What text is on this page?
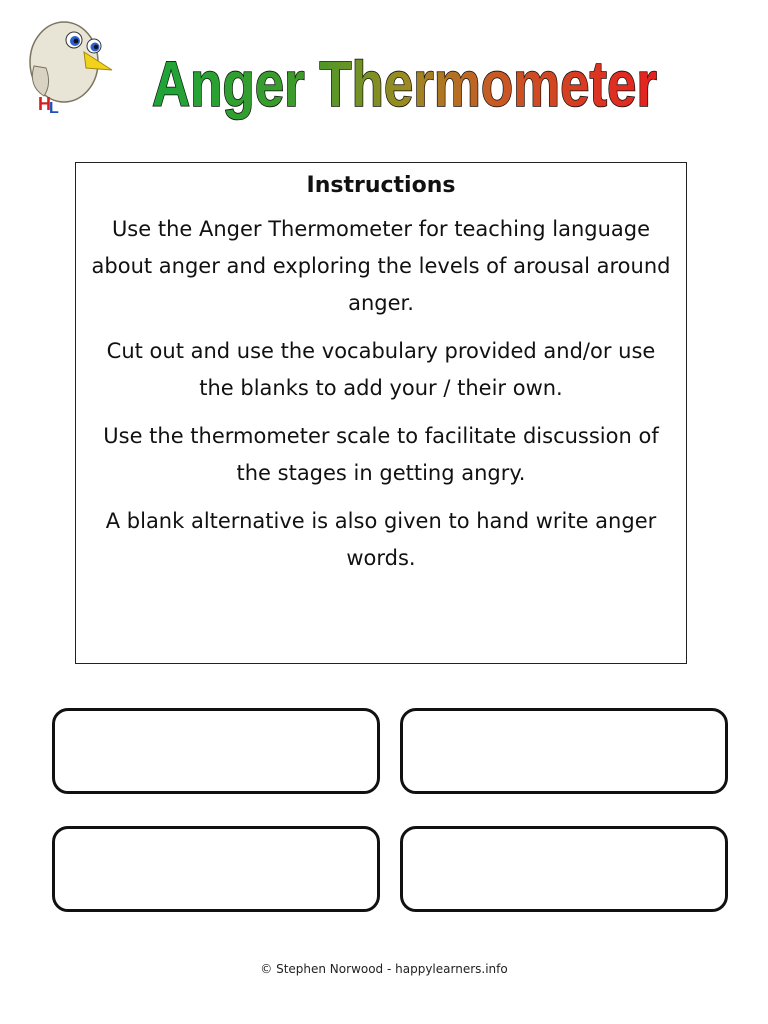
H
L Anger Thermometer
Instructions

Use the Anger Thermometer for teaching language about anger and exploring the levels of arousal around anger.

Cut out and use the vocabulary provided and/or use the blanks to add your / their own.

Use the thermometer scale to facilitate discussion of the stages in getting angry.

A blank alternative is also given to hand write anger words.

© Stephen Norwood - happylearners.info
